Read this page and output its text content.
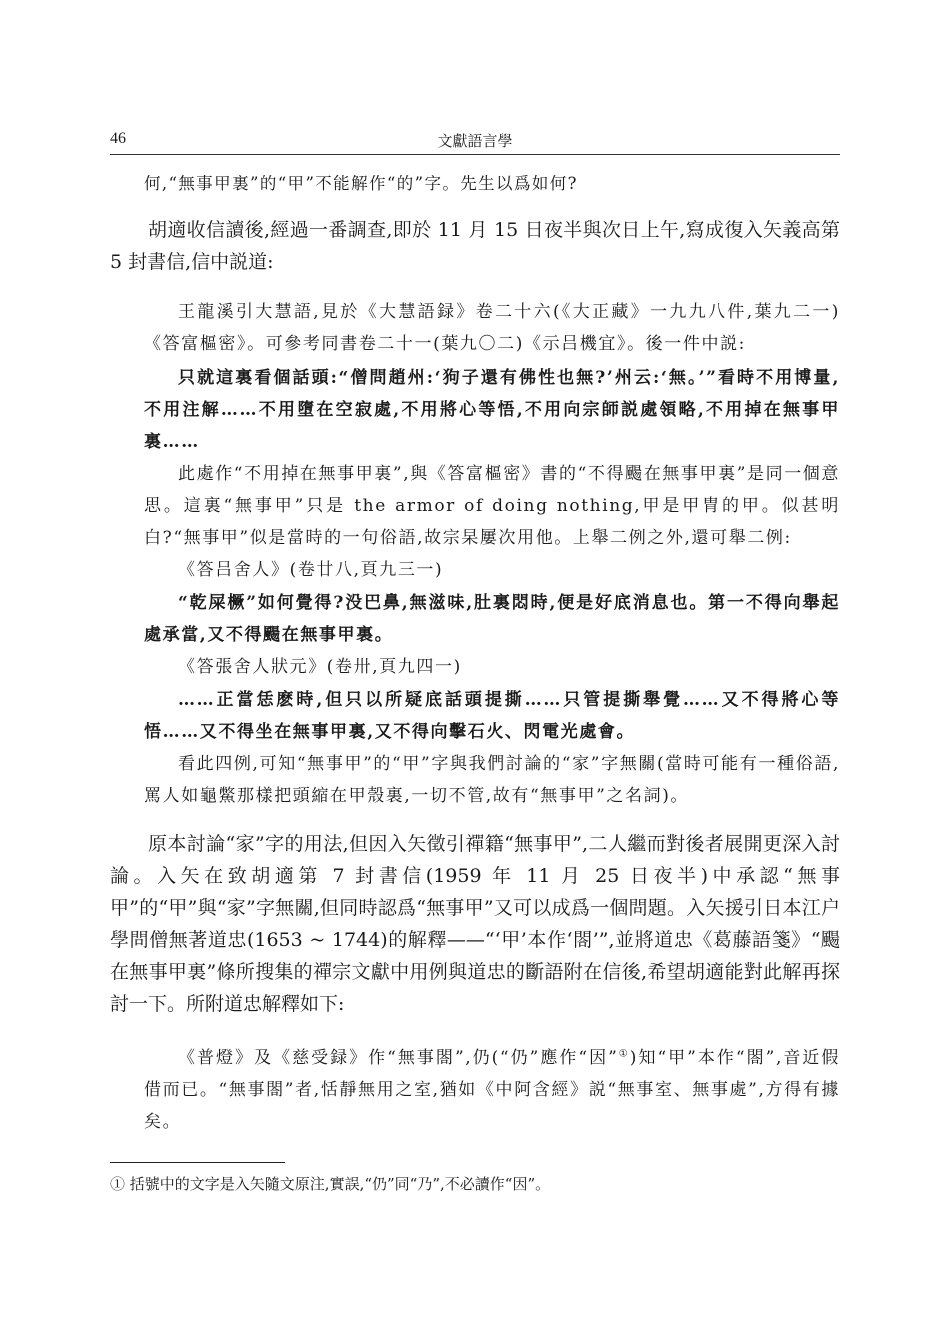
46	文獻語言學

何,“無事甲裏”的“甲”不能解作“的”字。先生以爲如何?

胡適收信讀後,經過一番調查,即於 11 月 15 日夜半與次日上午,寫成復入矢義高第 5 封書信,信中説道:

王龍溪引大慧語,見於《大慧語録》卷二十六(《大正藏》一九九八件,葉九二一)《答富樞密》。可參考同書卷二十一(葉九〇二)《示吕機宜》。後一件中説:

只就這裏看個話頭:“僧問趙州:‘狗子還有佛性也無?’州云:‘無。’”看時不用博量,不用注解……不用墮在空寂處,不用將心等悟,不用向宗師説處領略,不用掉在無事甲裏……

此處作“不用掉在無事甲裏”,與《答富樞密》書的“不得颺在無事甲裏”是同一個意思。這裏“無事甲”只是 the armor of doing nothing,甲是甲胄的甲。似甚明白?“無事甲”似是當時的一句俗語,故宗杲屢次用他。上舉二例之外,還可舉二例:

《答吕舍人》(卷廿八,頁九三一)

“乾屎橛”如何覺得?没巴鼻,無滋味,肚裏悶時,便是好底消息也。第一不得向舉起處承當,又不得颺在無事甲裏。

《答張舍人狀元》(卷卅,頁九四一)

……正當恁麽時,但只以所疑底話頭提撕……只管提撕舉覺……又不得將心等悟……又不得坐在無事甲裏,又不得向擊石火、閃電光處會。

看此四例,可知“無事甲”的“甲”字與我們討論的“家”字無關(當時可能有一種俗語,罵人如龜鱉那樣把頭縮在甲殼裏,一切不管,故有“無事甲”之名詞)。

原本討論“家”字的用法,但因入矢徵引禪籍“無事甲”,二人繼而對後者展開更深入討論。入矢在致胡適第 7 封書信(1959 年 11 月 25 日夜半)中承認“無事甲”的“甲”與“家”字無關,但同時認爲“無事甲”又可以成爲一個問題。入矢援引日本江户學問僧無著道忠(1653 ~ 1744)的解釋——“‘甲’本作‘閤’”,並將道忠《葛藤語箋》“颺在無事甲裏”條所搜集的禪宗文獻中用例與道忠的斷語附在信後,希望胡適能對此解再探討一下。所附道忠解釋如下:

《普燈》及《慈受録》作“無事閤”,仍(“仍”應作“因”①)知“甲”本作“閤”,音近假借而已。“無事閤”者,恬靜無用之室,猶如《中阿含經》説“無事室、無事處”,方得有據矣。

① 括號中的文字是入矢隨文原注,實誤,“仍”同“乃”,不必讀作“因”。
